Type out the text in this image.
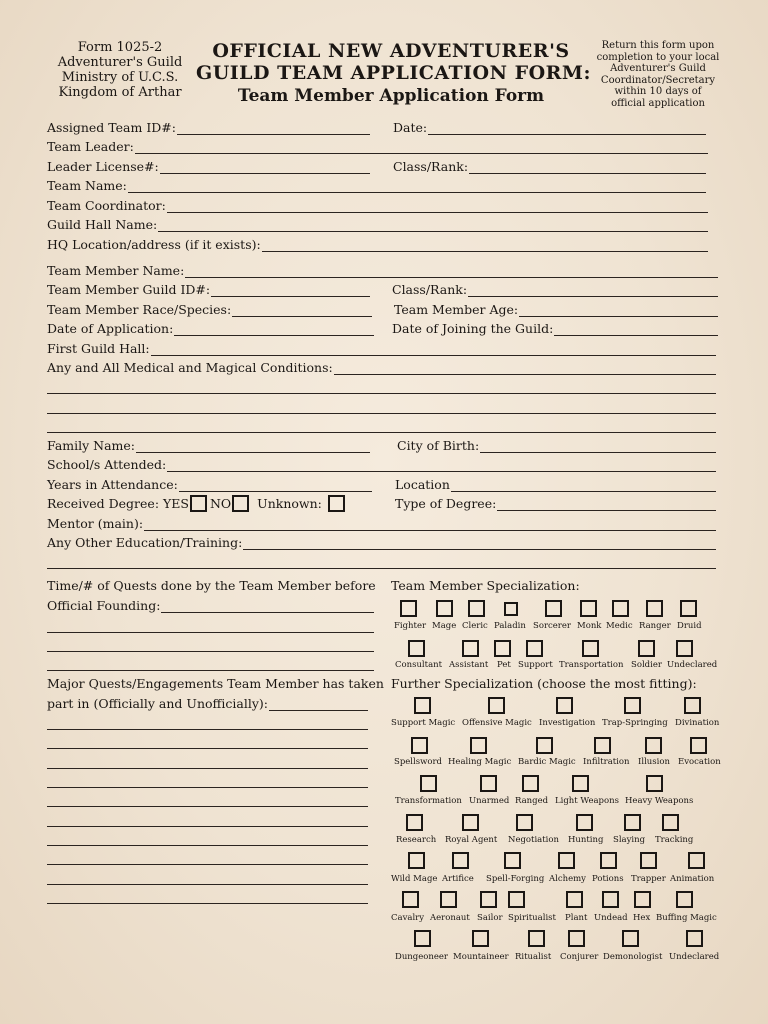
Form 1025-2
Adventurer's Guild
Ministry of U.C.S.
Kingdom of Arthar
OFFICIAL NEW ADVENTURER'S
GUILD TEAM APPLICATION FORM:
Team Member Application Form
Return this form upon
completion to your local
Adventurer's Guild
Coordinator/Secretary
within 10 days of
official application
Assigned Team ID#:	Date:
Team Leader:
Leader License#:	Class/Rank:
Team Name:
Team Coordinator:
Guild Hall Name:
HQ Location/address (if it exists):
Team Member Name:
Team Member Guild ID#:	Class/Rank:
Team Member Race/Species:	Team Member Age:
Date of Application:	Date of Joining the Guild:
First Guild Hall:
Any and All Medical and Magical Conditions:
Family Name:	City of Birth:
School/s Attended:
Years in Attendance:	Location
Received Degree: YES NO Unknown:	Type of Degree:
Mentor (main):
Any Other Education/Training:
Time/# of Quests done by the Team Member before
Official Founding:
Major Quests/Engagements Team Member has taken
part in (Officially and Unofficially):
Team Member Specialization:
Fighter Mage Cleric Paladin Sorcerer Monk Medic Ranger Druid
Consultant Assistant Pet Support Transportation Soldier Undeclared
Further Specialization (choose the most fitting):
Support Magic Offensive Magic Investigation Trap-Springing Divination
Spellsword Healing Magic Bardic Magic Infiltration Illusion Evocation
Transformation Unarmed Ranged Light Weapons Heavy Weapons
Research Royal Agent Negotiation Hunting Slaying Tracking
Wild Mage Artifice Spell-Forging Alchemy Potions Trapper Animation
Cavalry Aeronaut Sailor Spiritualist Plant Undead Hex Buffing Magic
Dungeoneer Mountaineer Ritualist Conjurer Demonologist Undeclared
